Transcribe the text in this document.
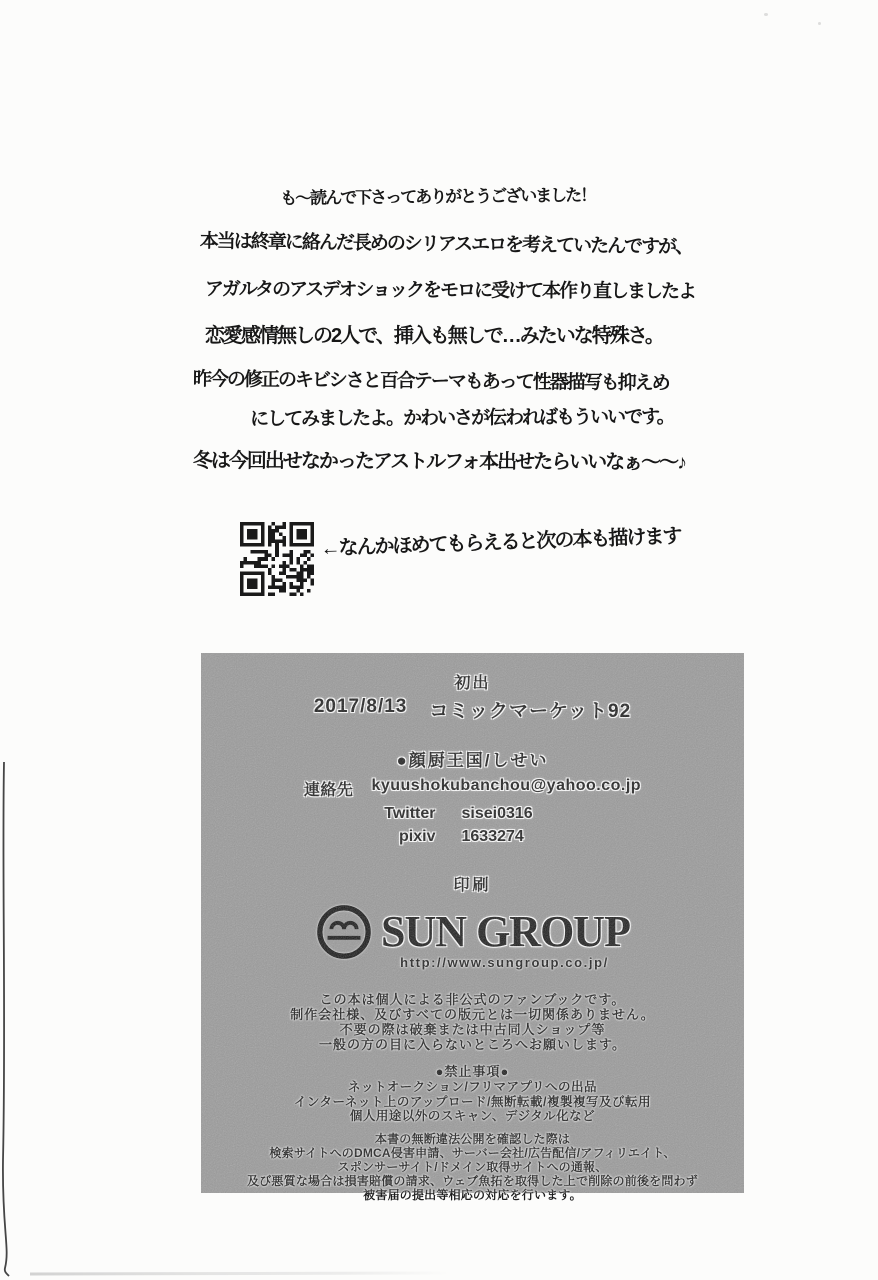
も〜読んで下さってありがとうございました！
本当は終章に絡んだ長めのシリアスエロを考えていたんですが、
アガルタのアスデオショックをモロに受けて本作り直しましたよ
恋愛感情無しの2人で、挿入も無しで…みたいな特殊さ。
昨今の修正のキビシさと百合テーマもあって性器描写も抑えめ
にしてみましたよ。かわいさが伝わればもういいです。
冬は今回出せなかったアストルフォ本出せたらいいなぁ〜〜♪
←なんかほめてもらえると次の本も描けます
初出
2017/8/13 コミックマーケット92
●顔厨王国/しせい
連絡先 kyuushokubanchou@yahoo.co.jp
Twitter sisei0316
pixiv 1633274
印刷
SUN GROUP
http://www.sungroup.co.jp/
この本は個人による非公式のファンブックです。
制作会社様、及びすべての版元とは一切関係ありません。
不要の際は破棄または中古同人ショップ等
一般の方の目に入らないところへお願いします。
●禁止事項●
ネットオークション/フリマアプリへの出品
インターネット上のアップロード/無断転載/複製複写及び転用
個人用途以外のスキャン、デジタル化など
本書の無断違法公開を確認した際は
検索サイトへのDMCA侵害申請、サーバー会社/広告配信/アフィリエイト、
スポンサーサイト/ドメイン取得サイトへの通報、
及び悪質な場合は損害賠償の請求、ウェブ魚拓を取得した上で削除の前後を問わず
被害届の提出等相応の対応を行います。
